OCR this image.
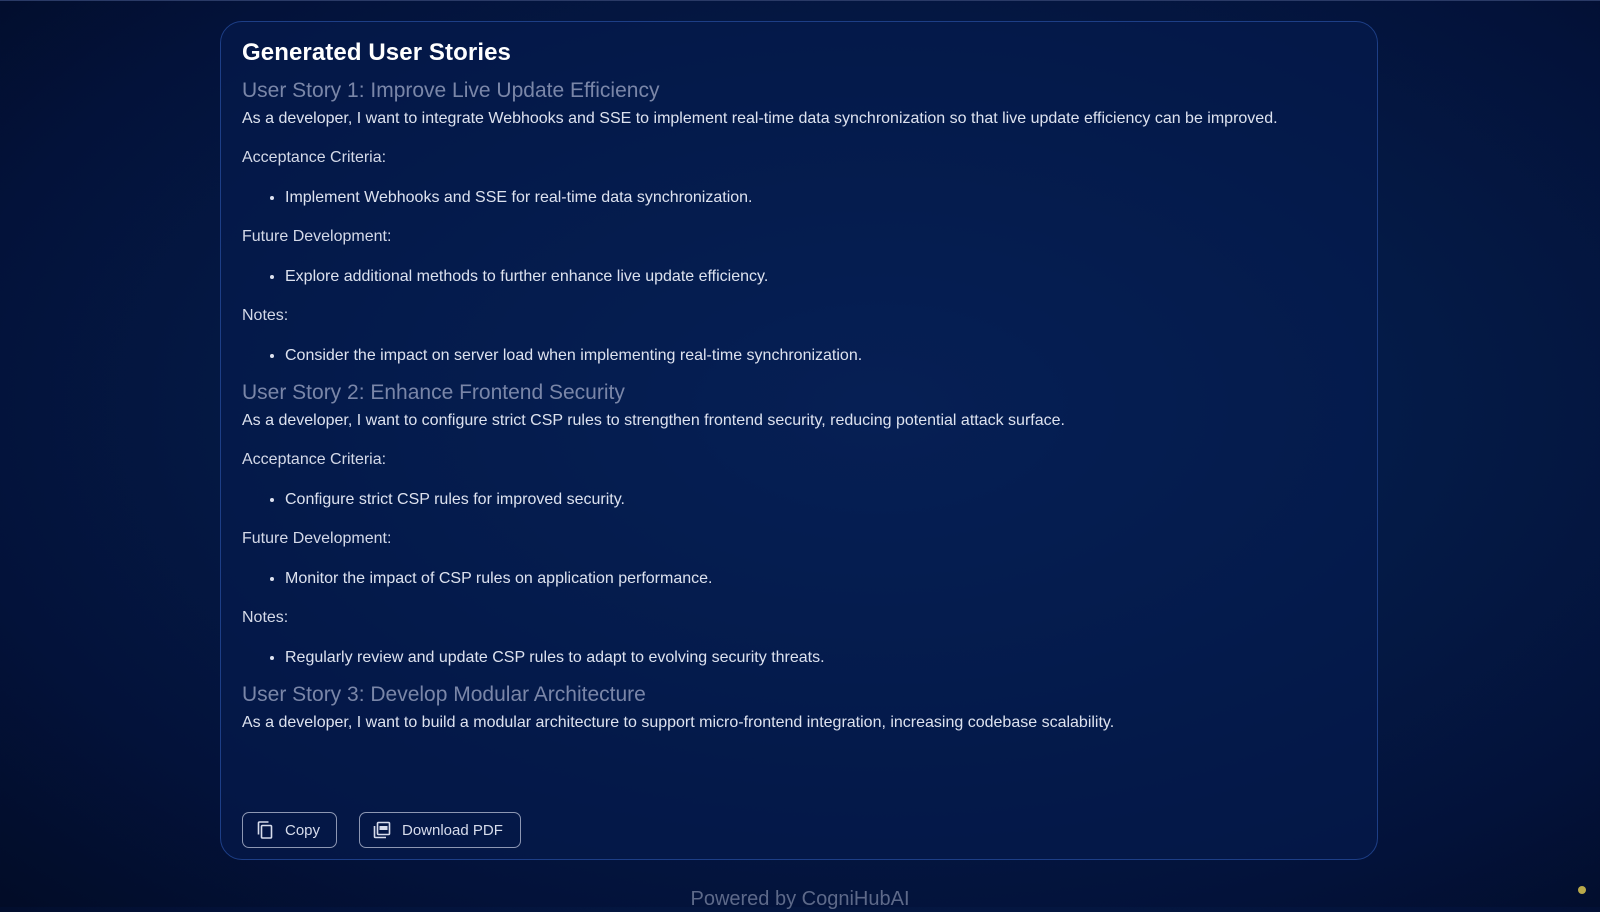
Generated User Stories
User Story 1: Improve Live Update Efficiency

As a developer, I want to integrate Webhooks and SSE to implement real-time data synchronization so that live update efficiency can be improved.

Acceptance Criteria:

• Implement Webhooks and SSE for real-time data synchronization.

Future Development:

• Explore additional methods to further enhance live update efficiency.

Notes:

• Consider the impact on server load when implementing real-time synchronization.
User Story 2: Enhance Frontend Security

As a developer, I want to configure strict CSP rules to strengthen frontend security, reducing potential attack surface.

Acceptance Criteria:

• Configure strict CSP rules for improved security.

Future Development:

• Monitor the impact of CSP rules on application performance.

Notes:

• Regularly review and update CSP rules to adapt to evolving security threats.
User Story 3: Develop Modular Architecture

As a developer, I want to build a modular architecture to support micro-frontend integration, increasing codebase scalability.

Copy	Download PDF
Powered by CogniHubAI
